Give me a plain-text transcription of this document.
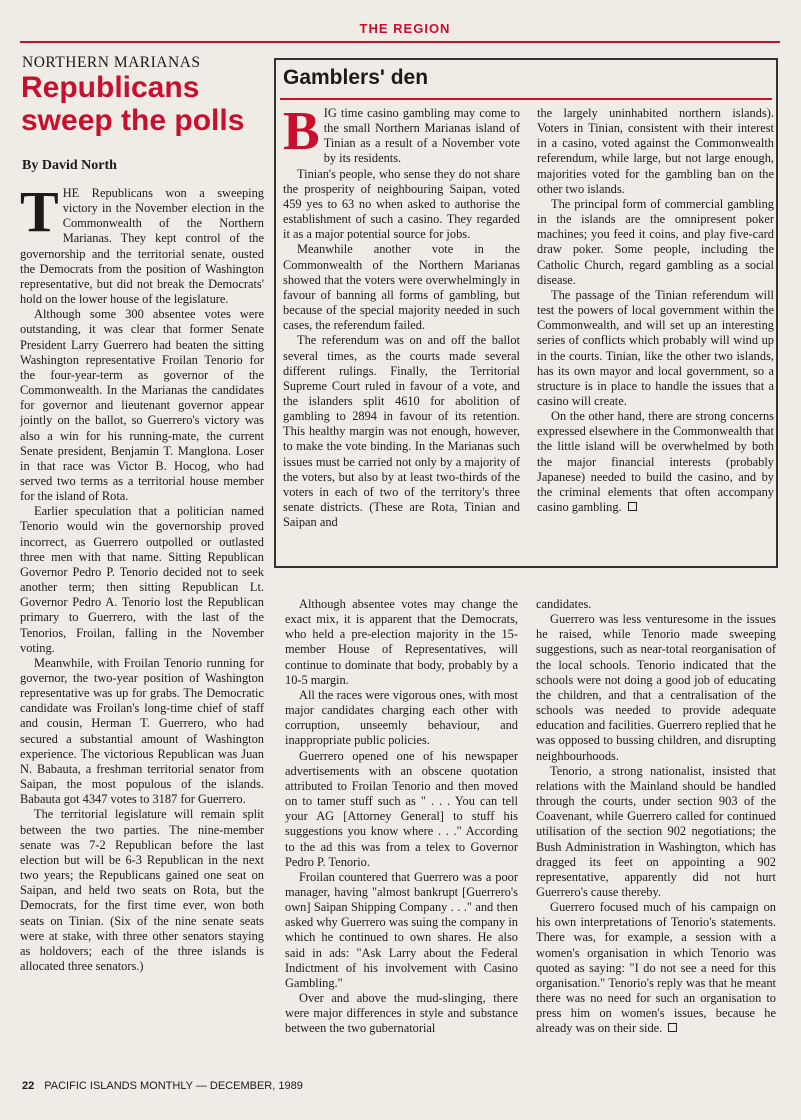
THE REGION
NORTHERN MARIANAS
Republicans sweep the polls
By David North

THE Republicans won a sweeping victory in the November election in the Commonwealth of the Northern Marianas. They kept control of the governorship and the territorial senate, ousted the Democrats from the position of Washington representative, but did not break the Democrats' hold on the lower house of the legislature.

Although some 300 absentee votes were outstanding, it was clear that former Senate President Larry Guerrero had beaten the sitting Washington representative Froilan Tenorio for the four-year-term as governor of the Commonwealth. In the Marianas the candidates for governor and lieutenant governor appear jointly on the ballot, so Guerrero's victory was also a win for his running-mate, the current Senate president, Benjamin T. Manglona. Loser in that race was Victor B. Hocog, who had served two terms as a territorial house member for the island of Rota.

Earlier speculation that a politician named Tenorio would win the governorship proved incorrect, as Guerrero outpolled or outlasted three men with that name. Sitting Republican Governor Pedro P. Tenorio decided not to seek another term; then sitting Republican Lt. Governor Pedro A. Tenorio lost the Republican primary to Guerrero, with the last of the Tenorios, Froilan, falling in the November voting.

Meanwhile, with Froilan Tenorio running for governor, the two-year position of Washington representative was up for grabs. The Democratic candidate was Froilan's long-time chief of staff and cousin, Herman T. Guerrero, who had secured a substantial amount of Washington experience. The victorious Republican was Juan N. Babauta, a freshman territorial senator from Saipan, the most populous of the islands. Babauta got 4347 votes to 3187 for Guerrero.

The territorial legislature will remain split between the two parties. The nine-member senate was 7-2 Republican before the last election but will be 6-3 Republican in the next two years; the Republicans gained one seat on Saipan, and held two seats on Rota, but the Democrats, for the first time ever, won both seats on Tinian. (Six of the nine senate seats were at stake, with three other senators staying as holdovers; each of the three islands is allocated three senators.)

Gamblers' den

BIG time casino gambling may come to the small Northern Marianas island of Tinian as a result of a November vote by its residents.

Tinian's people, who sense they do not share the prosperity of neighbouring Saipan, voted 459 yes to 63 no when asked to authorise the establishment of such a casino. They regarded it as a major potential source for jobs.

Meanwhile another vote in the Commonwealth of the Northern Marianas showed that the voters were overwhelmingly in favour of banning all forms of gambling, but because of the special majority needed in such cases, the referendum failed.

The referendum was on and off the ballot several times, as the courts made several different rulings. Finally, the Territorial Supreme Court ruled in favour of a vote, and the islanders split 4610 for abolition of gambling to 2894 in favour of its retention. This healthy margin was not enough, however, to make the vote binding. In the Marianas such issues must be carried not only by a majority of the voters, but also by at least two-thirds of the voters in each of two of the territory's three senate districts. (These are Rota, Tinian and Saipan and

the largely uninhabited northern islands). Voters in Tinian, consistent with their interest in a casino, voted against the Commonwealth referendum, while large, but not large enough, majorities voted for the gambling ban on the other two islands.

The principal form of commercial gambling in the islands are the omnipresent poker machines; you feed it coins, and play five-card draw poker. Some people, including the Catholic Church, regard gambling as a social disease.

The passage of the Tinian referendum will test the powers of local government within the Commonwealth, and will set up an interesting series of conflicts which probably will wind up in the courts. Tinian, like the other two islands, has its own mayor and local government, so a structure is in place to handle the issues that a casino will create.

On the other hand, there are strong concerns expressed elsewhere in the Commonwealth that the little island will be overwhelmed by both the major financial interests (probably Japanese) needed to build the casino, and by the criminal elements that often accompany casino gambling.

Although absentee votes may change the exact mix, it is apparent that the Democrats, who held a pre-election majority in the 15-member House of Representatives, will continue to dominate that body, probably by a 10-5 margin.

All the races were vigorous ones, with most major candidates charging each other with corruption, unseemly behaviour, and inappropriate public policies.

Guerrero opened one of his newspaper advertisements with an obscene quotation attributed to Froilan Tenorio and then moved on to tamer stuff such as " . . . You can tell your AG [Attorney General] to stuff his suggestions you know where . . ." According to the ad this was from a telex to Governor Pedro P. Tenorio.

Froilan countered that Guerrero was a poor manager, having "almost bankrupt [Guerrero's own] Saipan Shipping Company . . ." and then asked why Guerrero was suing the company in which he continued to own shares. He also said in ads: "Ask Larry about the Federal Indictment of his involvement with Casino Gambling."

Over and above the mud-slinging, there were major differences in style and substance between the two gubernatorial

candidates.

Guerrero was less venturesome in the issues he raised, while Tenorio made sweeping suggestions, such as near-total reorganisation of the local schools. Tenorio indicated that the schools were not doing a good job of educating the children, and that a centralisation of the schools was needed to provide adequate education and facilities. Guerrero replied that he was opposed to bussing children, and disrupting neighbourhoods.

Tenorio, a strong nationalist, insisted that relations with the Mainland should be handled through the courts, under section 903 of the Coavenant, while Guerrero called for continued utilisation of the section 902 negotiations; the Bush Administration in Washington, which has dragged its feet on appointing a 902 representative, apparently did not hurt Guerrero's cause thereby.

Guerrero focused much of his campaign on his own interpretations of Tenorio's statements. There was, for example, a session with a women's organisation in which Tenorio was quoted as saying: "I do not see a need for this organisation." Tenorio's reply was that he meant there was no need for such an organisation to press him on women's issues, because he already was on their side.

22 PACIFIC ISLANDS MONTHLY — DECEMBER, 1989
